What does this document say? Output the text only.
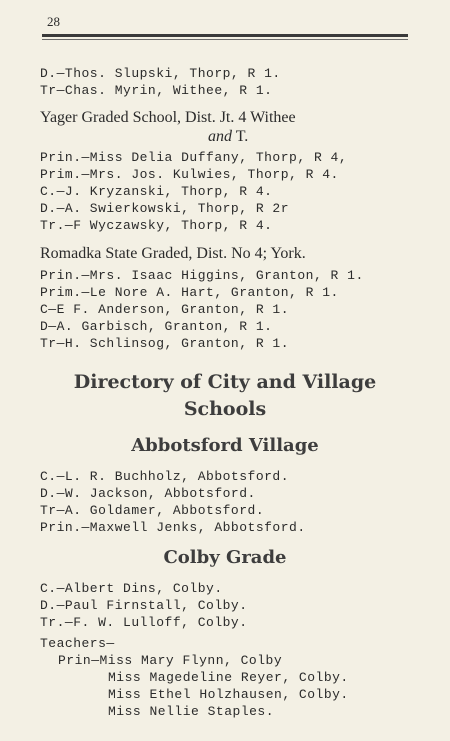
28
D.—Thos. Slupski, Thorp, R 1.
Tr—Chas. Myrin, Withee, R 1.
Yager Graded School, Dist. Jt. 4 Withee
and T.
Prin.—Miss Delia Duffany, Thorp, R 4,
Prim.—Mrs. Jos. Kulwies, Thorp, R 4.
C.—J. Kryzanski, Thorp, R 4.
D.—A. Swierkowski, Thorp, R 2r
Tr.—F Wyczawsky, Thorp, R 4.
Romadka State Graded, Dist. No 4; York.
Prin.—Mrs. Isaac Higgins, Granton, R 1.
Prim.—Le Nore A. Hart, Granton, R 1.
C—E F. Anderson, Granton, R 1.
D—A. Garbisch, Granton, R 1.
Tr—H. Schlinsog, Granton, R 1.
Directory of City and Village
Schools
Abbotsford Village
C.—L. R. Buchholz, Abbotsford.
D.—W. Jackson, Abbotsford.
Tr—A. Goldamer, Abbotsford.
Prin.—Maxwell Jenks, Abbotsford.
Colby Grade
C.—Albert Dins, Colby.
D.—Paul Firnstall, Colby.
Tr.—F. W. Lulloff, Colby.
Teachers—
Prin—Miss Mary Flynn, Colby
Miss Magedeline Reyer, Colby.
Miss Ethel Holzhausen, Colby.
Miss Nellie Staples.
